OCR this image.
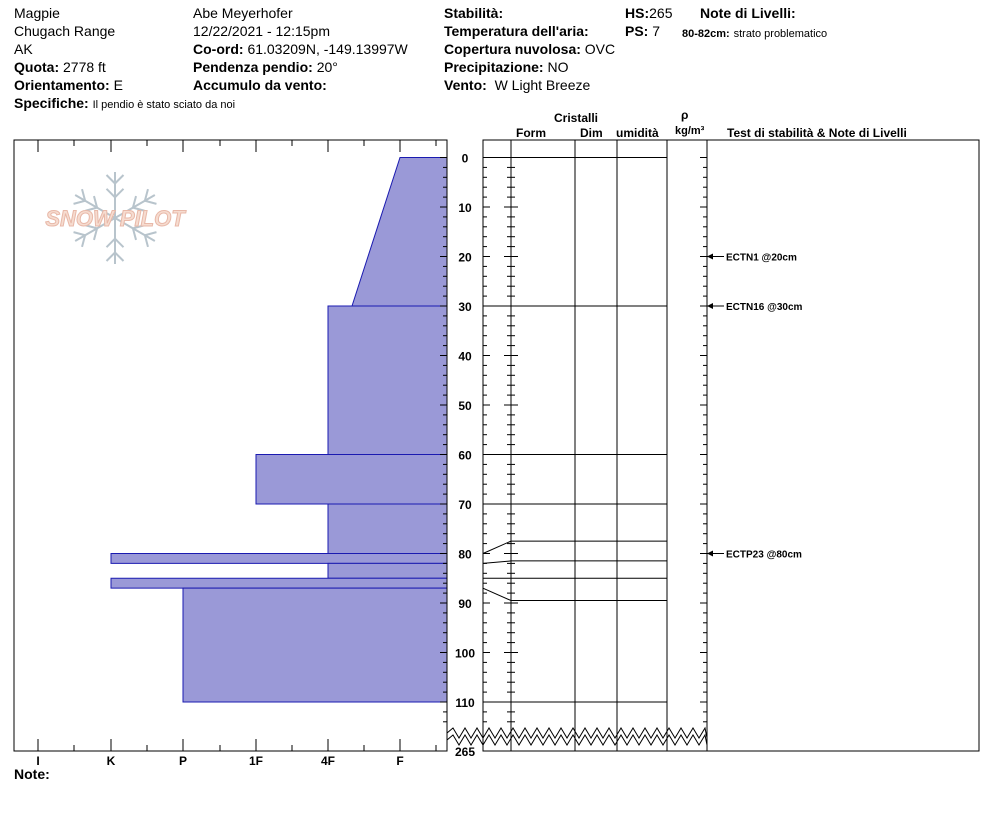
Magpie
Chugach Range
AK
Quota: 2778 ft
Orientamento: E
Specifiche: Il pendio è stato sciato da noi
Abe Meyerhofer
12/22/2021 - 12:15pm
Co-ord: 61.03209N, -149.13997W
Pendenza pendio: 20°
Accumulo da vento:
Stabilità:
Temperatura dell'aria:
Copertura nuvolosa: OVC
Precipitazione: NO
Vento: W Light Breeze
HS:265
PS: 7
Note di Livelli:
80-82cm: strato problematico
Cristalli
Form	Dim umidità
ρ
kg/m³ Test di stabilità & Note di Livelli
Note:
SNOW PILOT
0
10
20
30
40
50
60
70
80
90
100
110
265
I	K	P	1F	4F	F
ECTN1 @20cm
ECTN16 @30cm
ECTP23 @80cm
